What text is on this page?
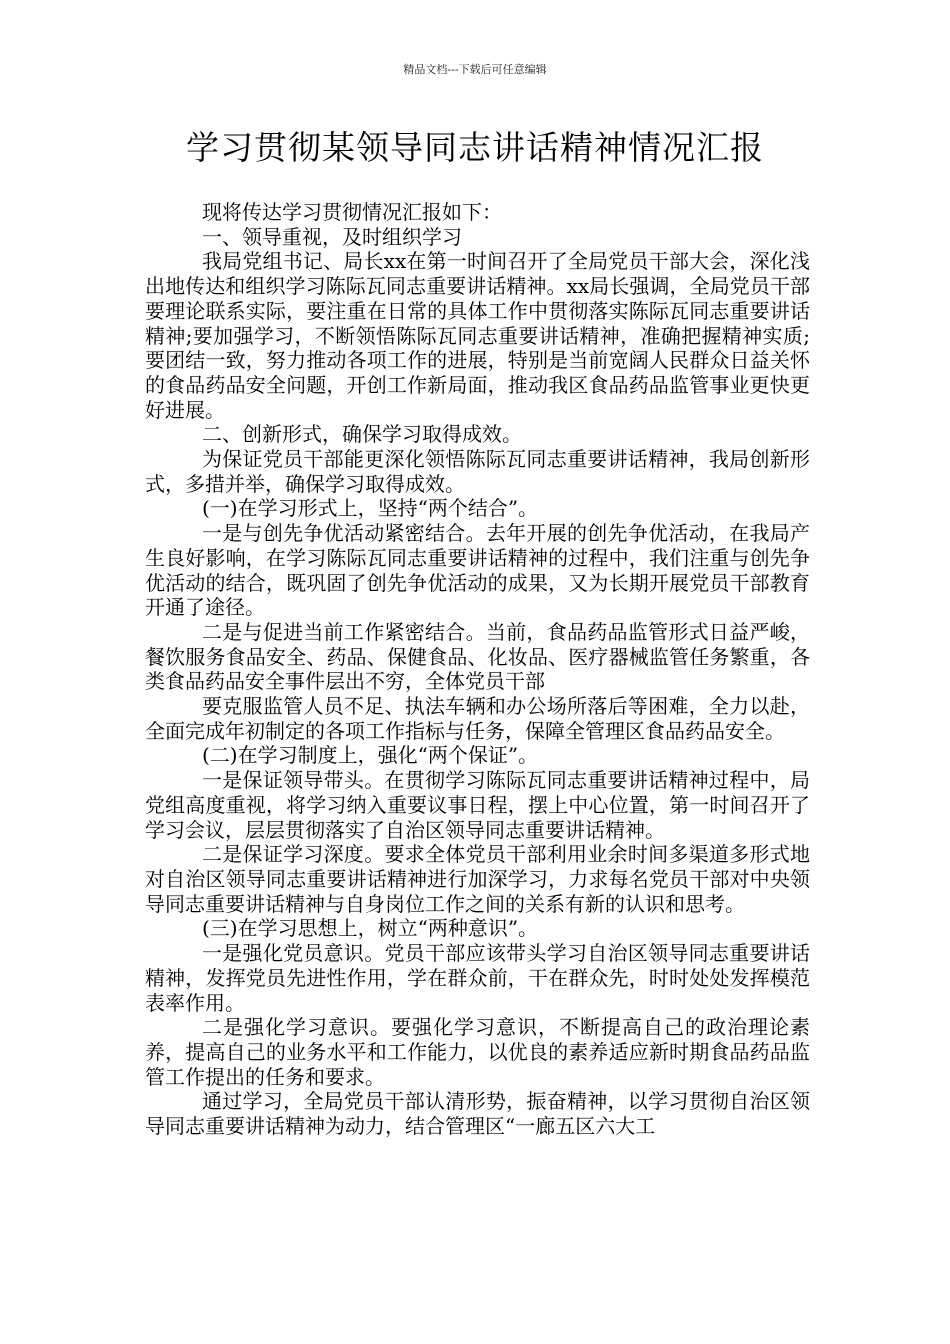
精品文档---下载后可任意编辑
学习贯彻某领导同志讲话精神情况汇报

现将传达学习贯彻情况汇报如下：

一、领导重视，及时组织学习

我局党组书记、局长xx在第一时间召开了全局党员干部大会，深化浅出地传达和组织学习陈际瓦同志重要讲话精神。xx局长强调，全局党员干部要理论联系实际，要注重在日常的具体工作中贯彻落实陈际瓦同志重要讲话精神;要加强学习，不断领悟陈际瓦同志重要讲话精神，准确把握精神实质;要团结一致，努力推动各项工作的进展，特别是当前宽阔人民群众日益关怀的食品药品安全问题，开创工作新局面，推动我区食品药品监管事业更快更好进展。

二、创新形式，确保学习取得成效。

为保证党员干部能更深化领悟陈际瓦同志重要讲话精神，我局创新形式，多措并举，确保学习取得成效。

(一)在学习形式上，坚持“两个结合”。

一是与创先争优活动紧密结合。去年开展的创先争优活动，在我局产生良好影响，在学习陈际瓦同志重要讲话精神的过程中，我们注重与创先争优活动的结合，既巩固了创先争优活动的成果，又为长期开展党员干部教育开通了途径。

二是与促进当前工作紧密结合。当前，食品药品监管形式日益严峻，餐饮服务食品安全、药品、保健食品、化妆品、医疗器械监管任务繁重，各类食品药品安全事件层出不穷，全体党员干部

要克服监管人员不足、执法车辆和办公场所落后等困难，全力以赴，全面完成年初制定的各项工作指标与任务，保障全管理区食品药品安全。

(二)在学习制度上，强化“两个保证”。

一是保证领导带头。在贯彻学习陈际瓦同志重要讲话精神过程中，局党组高度重视，将学习纳入重要议事日程，摆上中心位置，第一时间召开了学习会议，层层贯彻落实了自治区领导同志重要讲话精神。

二是保证学习深度。要求全体党员干部利用业余时间多渠道多形式地对自治区领导同志重要讲话精神进行加深学习，力求每名党员干部对中央领导同志重要讲话精神与自身岗位工作之间的关系有新的认识和思考。

(三)在学习思想上，树立“两种意识”。

一是强化党员意识。党员干部应该带头学习自治区领导同志重要讲话精神，发挥党员先进性作用，学在群众前，干在群众先，时时处处发挥模范表率作用。

二是强化学习意识。要强化学习意识，不断提高自己的政治理论素养，提高自己的业务水平和工作能力，以优良的素养适应新时期食品药品监管工作提出的任务和要求。

通过学习，全局党员干部认清形势，振奋精神，以学习贯彻自治区领导同志重要讲话精神为动力，结合管理区“一廊五区六大工
